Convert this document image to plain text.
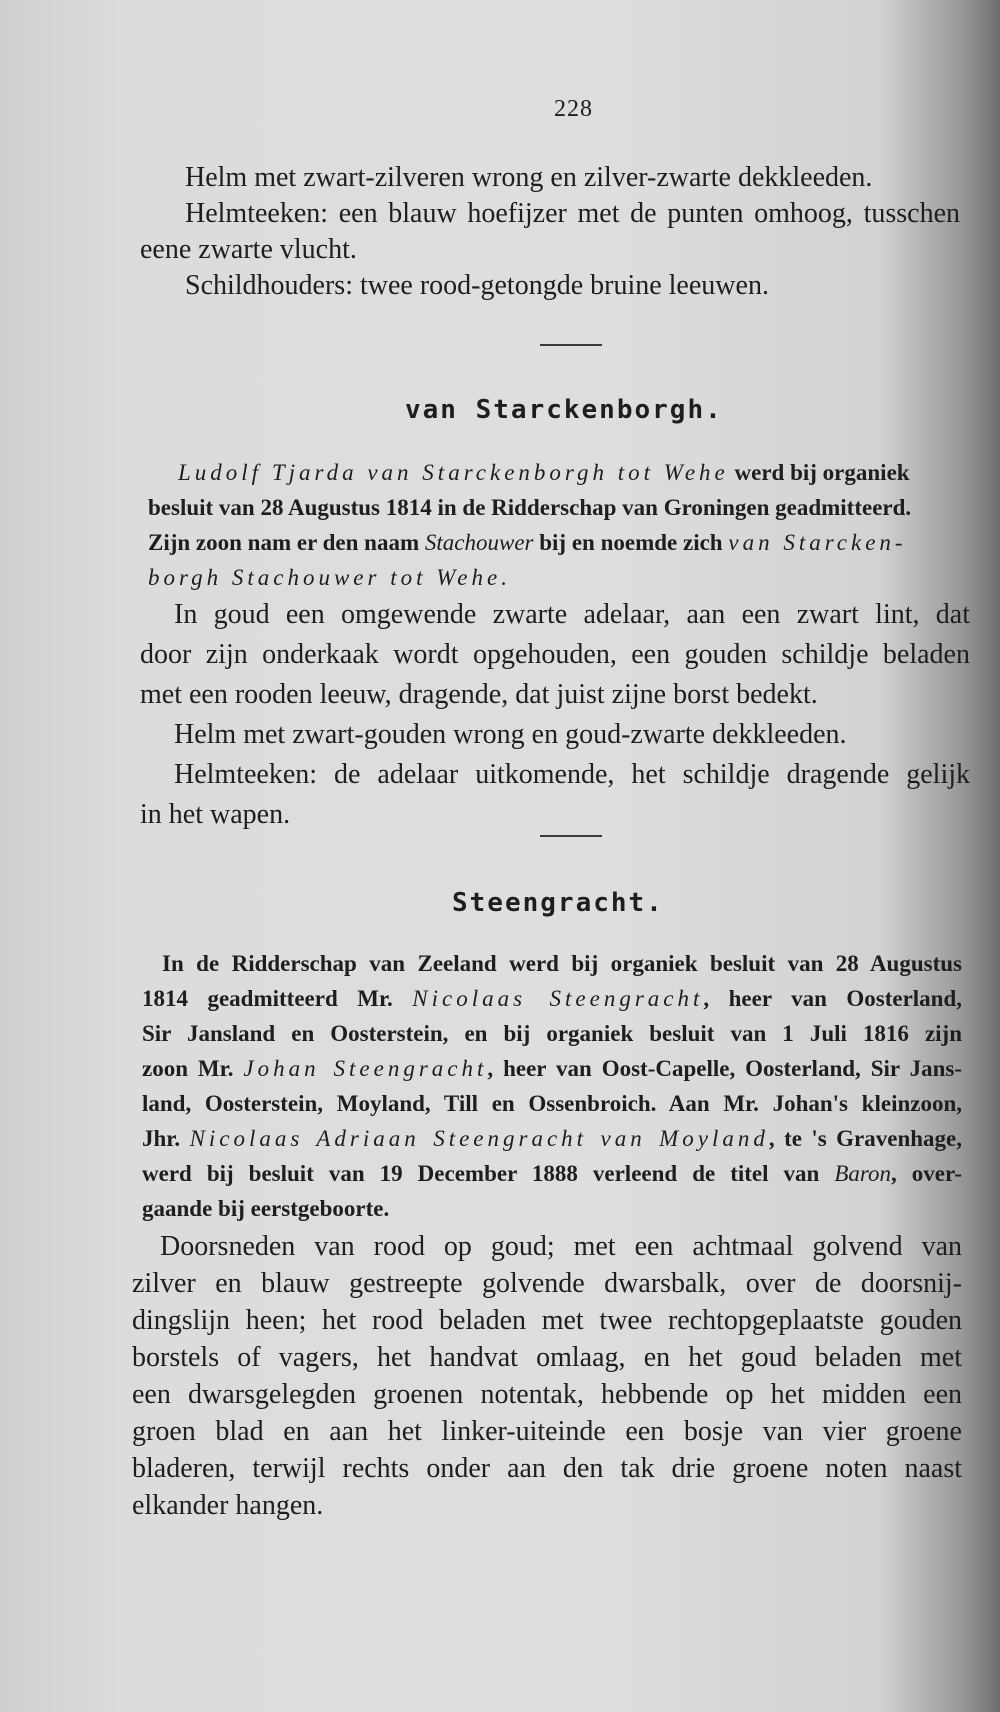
228
Helm met zwart-zilveren wrong en zilver-zwarte dekkleeden.
Helmteeken: een blauw hoefijzer met de punten omhoog, tusschen
eene zwarte vlucht.
Schildhouders: twee rood-getongde bruine leeuwen.
van Starckenborgh.
Ludolf Tjarda van Starckenborgh tot Wehe werd bij organiek
besluit van 28 Augustus 1814 in de Ridderschap van Groningen geadmitteerd.
Zijn zoon nam er den naam Stachouwer bij en noemde zich van Starcken-
borgh Stachouwer tot Wehe.
In goud een omgewende zwarte adelaar, aan een zwart lint, dat
door zijn onderkaak wordt opgehouden, een gouden schildje beladen
met een rooden leeuw, dragende, dat juist zijne borst bedekt.
Helm met zwart-gouden wrong en goud-zwarte dekkleeden.
Helmteeken: de adelaar uitkomende, het schildje dragende gelijk
in het wapen.
Steengracht.
In de Ridderschap van Zeeland werd bij organiek besluit van 28 Augustus
1814 geadmitteerd Mr. Nicolaas Steengracht, heer van Oosterland,
Sir Jansland en Oosterstein, en bij organiek besluit van 1 Juli 1816 zijn
zoon Mr. Johan Steengracht, heer van Oost-Capelle, Oosterland, Sir Jans-
land, Oosterstein, Moyland, Till en Ossenbroich. Aan Mr. Johan's kleinzoon,
Jhr. Nicolaas Adriaan Steengracht van Moyland, te 's Gravenhage,
werd bij besluit van 19 December 1888 verleend de titel van Baron, over-
gaande bij eerstgeboorte.
Doorsneden van rood op goud; met een achtmaal golvend van
zilver en blauw gestreepte golvende dwarsbalk, over de doorsnij-
dingslijn heen; het rood beladen met twee rechtopgeplaatste gouden
borstels of vagers, het handvat omlaag, en het goud beladen met
een dwarsgelegden groenen notentak, hebbende op het midden een
groen blad en aan het linker-uiteinde een bosje van vier groene
bladeren, terwijl rechts onder aan den tak drie groene noten naast
elkander hangen.
